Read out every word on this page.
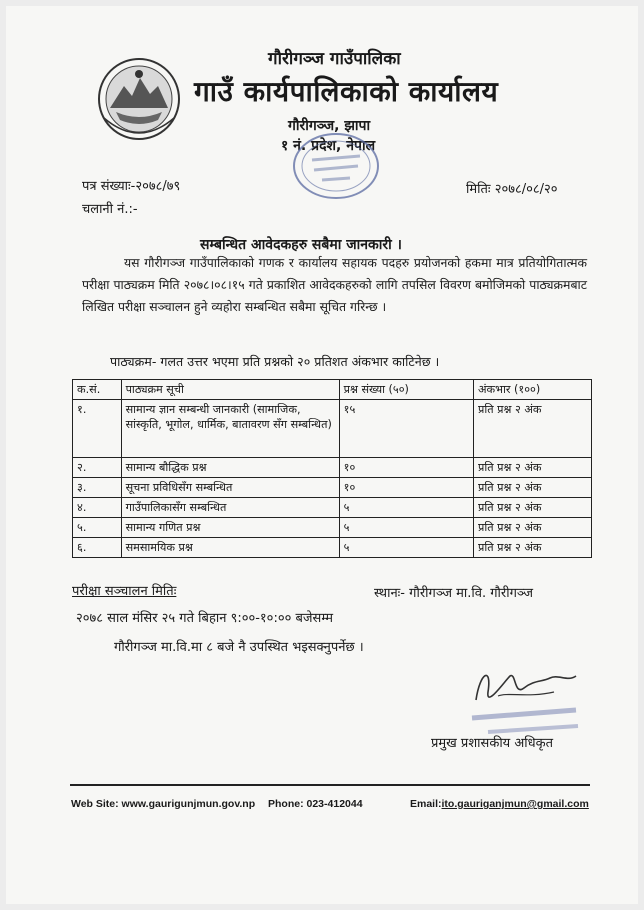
गौरीगञ्ज गाउँपालिका
गाउँ कार्यपालिकाको कार्यालय
गौरीगञ्ज, झापा
१ नं. प्रदेश, नेपाल
पत्र संख्याः-२०७८/७९
चलानी नं.:-
मितिः २०७८/०८/२०
सम्बन्धित आवेदकहरु सबैमा जानकारी ।

यस गौरीगञ्ज गाउँपालिकाको गणक र कार्यालय सहायक पदहरु प्रयोजनको हकमा मात्र प्रतियोगितात्मक परीक्षा पाठ्यक्रम मिति २०७८।०८।१५ गते प्रकाशित आवेदकहरुको लागि तपसिल विवरण बमोजिमको पाठ्यक्रमबाट लिखित परीक्षा सञ्चालन हुने व्यहोरा सम्बन्धित सबैमा सूचित गरिन्छ ।

पाठ्यक्रम- गलत उत्तर भएमा प्रति प्रश्नको २० प्रतिशत अंकभार काटिनेछ ।
क.सं.	पाठ्यक्रम सूची	प्रश्न संख्या (५०)	अंकभार (१००)
१.	सामान्य ज्ञान सम्बन्धी जानकारी (सामाजिक, सांस्कृति, भूगोल, धार्मिक, बातावरण सँग सम्बन्धित)	१५	प्रति प्रश्न २ अंक
२.	सामान्य बौद्धिक प्रश्न	१०	प्रति प्रश्न २ अंक
३.	सूचना प्रविधिसँग सम्बन्धित	१०	प्रति प्रश्न २ अंक
४.	गाउँपालिकासँग सम्बन्धित	५	प्रति प्रश्न २ अंक
५.	सामान्य गणित प्रश्न	५	प्रति प्रश्न २ अंक
६.	समसामयिक प्रश्न	५	प्रति प्रश्न २ अंक
परीक्षा सञ्चालन मितिः	स्थानः- गौरीगञ्ज मा.वि. गौरीगञ्ज
२०७८ साल मंसिर २५ गते बिहान ९:००-१०:०० बजेसम्म
गौरीगञ्ज मा.वि.मा ८ बजे नै उपस्थित भइसक्नुपर्नेछ ।
प्रमुख प्रशासकीय अधिकृत
Web Site: www.gaurigunjmun.gov.np Phone: 023-412044	Email:ito.gauriganjmun@gmail.com
